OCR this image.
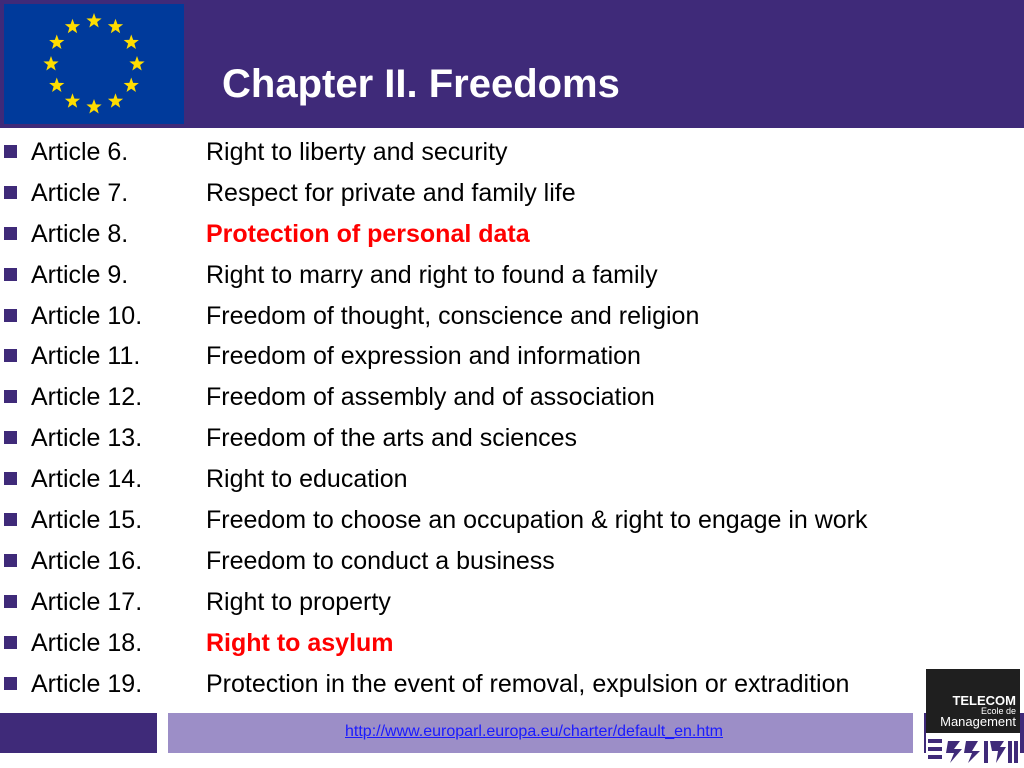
Chapter II. Freedoms
Article 6.	Right to liberty and security
Article 7.	Respect for private and family life
Article 8.	Protection of personal data
Article 9.	Right to marry and right to found a family
Article 10.	Freedom of thought, conscience and religion
Article 11.	Freedom of expression and information
Article 12.	Freedom of assembly and of association
Article 13.	Freedom of the arts and sciences
Article 14.	Right to education
Article 15.	Freedom to choose an occupation & right to engage in work
Article 16.	Freedom to conduct a business
Article 17.	Right to property
Article 18.	Right to asylum
Article 19.	Protection in the event of removal, expulsion or extradition
http://www.europarl.europa.eu/charter/default_en.htm
TELECOM
Ecole de
Management
